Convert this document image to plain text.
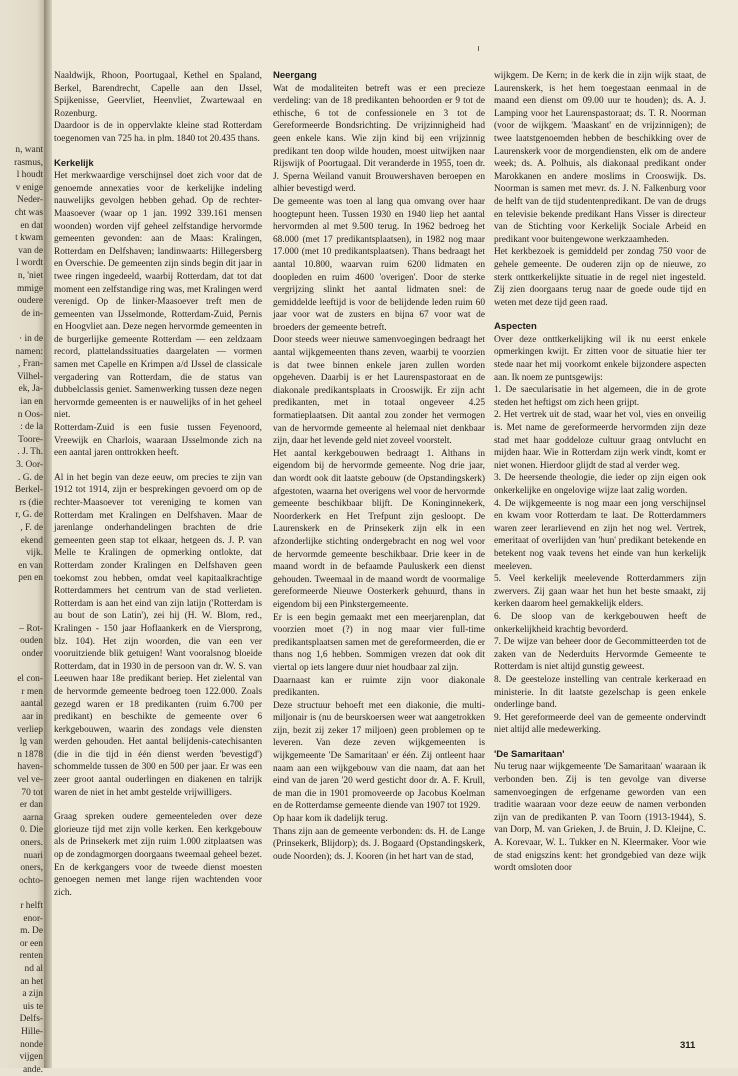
n, want
rasmus,
l houdt
v enige
Neder-
cht was
en dat
t kwam
van de
l wordt
n, 'niet
mmige
oudere
de in-
· in de
namen:
, Fran-
Vilhel-
ek, Ja-
ian en
n Oos-
: de la
Toore-
. J. Th.
3. Oor-
. G. de
Berkel-
rs (die
r, G. de
, F. de
ekend
vijk.
en van
pen en
– Rot-
ouden
onder
el con-
r men
aantal
aar in
verliep
lg van
n 1878
haven-
vel ve-
70 tot
er dan
aarna
0. Die
oners.
nuari
oners,
ochto-
r helft
enor-
m. De
or een
renten
nd al
an het
a zijn
uis te
Delfs-
Hille-
nonde
vijgen
ande.

Naaldwijk, Rhoon, Poortugaal, Kethel en Spaland, Berkel, Barendrecht, Capelle aan den IJssel, Spijkenisse, Geervliet, Heenvliet, Zwartewaal en Rozenburg.

Daardoor is de in oppervlakte kleine stad Rotterdam toegenomen van 725 ha. in plm. 1840 tot 20.435 thans.

Kerkelijk

Het merkwaardige verschijnsel doet zich voor dat de genoemde annexaties voor de kerkelijke indeling nauwelijks gevolgen hebben gehad. Op de rechter-Maasoever (waar op 1 jan. 1992 339.161 mensen woonden) worden vijf geheel zelfstandige hervormde gemeenten gevonden: aan de Maas: Kralingen, Rotterdam en Delfshaven; landinwaarts: Hillegersberg en Overschie. De gemeenten zijn sinds begin dit jaar in twee ringen ingedeeld, waarbij Rotterdam, dat tot dat moment een zelfstandige ring was, met Kralingen werd verenigd. Op de linker-Maasoever treft men de gemeenten van IJsselmonde, Rotterdam-Zuid, Pernis en Hoogvliet aan. Deze negen hervormde gemeenten in de burgerlijke gemeente Rotterdam — een zeldzaam record, plattelandssituaties daargelaten — vormen samen met Capelle en Krimpen a/d IJssel de classicale vergadering van Rotterdam, die de status van dubbelclassis geniet. Samenwerking tussen deze negen hervormde gemeenten is er nauwelijks of in het geheel niet.

Rotterdam-Zuid is een fusie tussen Feyenoord, Vreewijk en Charlois, waaraan IJsselmonde zich na een aantal jaren onttrokken heeft.

Al in het begin van deze eeuw, om precies te zijn van 1912 tot 1914, zijn er besprekingen gevoerd om op de rechter-Maasoever tot vereniging te komen van Rotterdam met Kralingen en Delfshaven. Maar de jarenlange onderhandelingen brachten de drie gemeenten geen stap tot elkaar, hetgeen ds. J. P. van Melle te Kralingen de opmerking ontlokte, dat Rotterdam zonder Kralingen en Delfshaven geen toekomst zou hebben, omdat veel kapitaalkrachtige Rotterdammers het centrum van de stad verlieten. Rotterdam is aan het eind van zijn latijn ('Rotterdam is au bout de son Latin'), zei hij (H. W. Blom, red., Kralingen - 150 jaar Hoflaankerk en de Viersprong, blz. 104). Het zijn woorden, die van een ver vooruitziende blik getuigen! Want vooralsnog bloeide Rotterdam, dat in 1930 in de persoon van dr. W. S. van Leeuwen haar 18e predikant beriep. Het zielental van de hervormde gemeente bedroeg toen 122.000. Zoals gezegd waren er 18 predikanten (ruim 6.700 per predikant) en beschikte de gemeente over 6 kerkgebouwen, waarin des zondags vele diensten werden gehouden. Het aantal belijdenis-catechisanten (die in die tijd in één dienst werden 'bevestigd') schommelde tussen de 300 en 500 per jaar. Er was een zeer groot aantal ouderlingen en diakenen en talrijk waren de niet in het ambt gestelde vrijwilligers.

Graag spreken oudere gemeenteleden over deze glorieuze tijd met zijn volle kerken. Een kerkgebouw als de Prinsekerk met zijn ruim 1.000 zitplaatsen was op de zondagmorgen doorgaans tweemaal geheel bezet. En de kerkgangers voor de tweede dienst moesten genoegen nemen met lange rijen wachtenden voor zich.

Neergang

Wat de modaliteiten betreft was er een precieze verdeling: van de 18 predikanten behoorden er 9 tot de ethische, 6 tot de confessionele en 3 tot de Gereformeerde Bondsrichting. De vrijzinnigheid had geen enkele kans. Wie zijn kind bij een vrijzinnig predikant ten doop wilde houden, moest uitwijken naar Rijswijk of Poortugaal. Dit veranderde in 1955, toen dr. J. Sperna Weiland vanuit Brouwershaven beroepen en alhier bevestigd werd.

De gemeente was toen al lang qua omvang over haar hoogtepunt heen. Tussen 1930 en 1940 liep het aantal hervormden al met 9.500 terug. In 1962 bedroeg het 68.000 (met 17 predikantsplaatsen), in 1982 nog maar 17.000 (met 10 predikantsplaatsen). Thans bedraagt het aantal 10.800, waarvan ruim 6200 lidmaten en doopleden en ruim 4600 'overigen'. Door de sterke vergrijzing slinkt het aantal lidmaten snel: de gemiddelde leeftijd is voor de belijdende leden ruim 60 jaar voor wat de zusters en bijna 67 voor wat de broeders der gemeente betreft.

Door steeds weer nieuwe samenvoegingen bedraagt het aantal wijkgemeenten thans zeven, waarbij te voorzien is dat twee binnen enkele jaren zullen worden opgeheven. Daarbij is er het Laurenspastoraat en de diakonale predikantsplaats in Crooswijk. Er zijn acht predikanten, met in totaal ongeveer 4.25 formatieplaatsen. Dit aantal zou zonder het vermogen van de hervormde gemeente al helemaal niet denkbaar zijn, daar het levende geld niet zoveel voorstelt.

Het aantal kerkgebouwen bedraagt 1. Althans in eigendom bij de hervormde gemeente. Nog drie jaar, dan wordt ook dit laatste gebouw (de Opstandingskerk) afgestoten, waarna het overigens wel voor de hervormde gemeente beschikbaar blijft. De Koninginnekerk, Noorderkerk en Het Trefpunt zijn gesloopt. De Laurenskerk en de Prinsekerk zijn elk in een afzonderlijke stichting ondergebracht en nog wel voor de hervormde gemeente beschikbaar. Drie keer in de maand wordt in de befaamde Pauluskerk een dienst gehouden. Tweemaal in de maand wordt de voormalige gereformeerde Nieuwe Oosterkerk gehuurd, thans in eigendom bij een Pinkstergemeente.

Er is een begin gemaakt met een meerjarenplan, dat voorzien moet (?) in nog maar vier full-time predikantsplaatsen samen met de gereformeerden, die er thans nog 1,6 hebben. Sommigen vrezen dat ook dit viertal op iets langere duur niet houdbaar zal zijn.

Daarnaast kan er ruimte zijn voor diakonale predikanten.

Deze structuur behoeft met een diakonie, die multi-miljonair is (nu de beurskoersen weer wat aangetrokken zijn, bezit zij zeker 17 miljoen) geen problemen op te leveren. Van deze zeven wijkgemeenten is wijkgemeente 'De Samaritaan' er één. Zij ontleent haar naam aan een wijkgebouw van die naam, dat aan het eind van de jaren '20 werd gesticht door dr. A. F. Krull, de man die in 1901 promoveerde op Jacobus Koelman en de Rotterdamse gemeente diende van 1907 tot 1929.

Op haar kom ik dadelijk terug.

Thans zijn aan de gemeente verbonden: ds. H. de Lange (Prinsekerk, Blijdorp); ds. J. Bogaard (Opstandingskerk, oude Noorden); ds. J. Kooren (in het hart van de stad,

wijkgem. De Kern; in de kerk die in zijn wijk staat, de Laurenskerk, is het hem toegestaan eenmaal in de maand een dienst om 09.00 uur te houden); ds. A. J. Lamping voor het Laurenspastoraat; ds. T. R. Noorman (voor de wijkgem. 'Maaskant' en de vrijzinnigen); de twee laatstgenoemden hebben de beschikking over de Laurenskerk voor de morgendiensten, elk om de andere week; ds. A. Polhuis, als diakonaal predikant onder Marokkanen en andere moslims in Crooswijk. Ds. Noorman is samen met mevr. ds. J. N. Falkenburg voor de helft van de tijd studentenpredikant. De van de drugs en televisie bekende predikant Hans Visser is directeur van de Stichting voor Kerkelijk Sociale Arbeid en predikant voor buitengewone werkzaamheden.

Het kerkbezoek is gemiddeld per zondag 750 voor de gehele gemeente. De ouderen zijn op de nieuwe, zo sterk onttkerkelijkte situatie in de regel niet ingesteld. Zij zien doorgaans terug naar de goede oude tijd en weten met deze tijd geen raad.

Aspecten

Over deze onttkerkelijking wil ik nu eerst enkele opmerkingen kwijt. Er zitten voor de situatie hier ter stede naar het mij voorkomt enkele bijzondere aspecten aan. Ik noem ze puntsgewijs:

1. De saecularisatie in het algemeen, die in de grote steden het heftigst om zich heen grijpt.

2. Het vertrek uit de stad, waar het vol, vies en onveilig is. Met name de gereformeerde hervormden zijn deze stad met haar goddeloze cultuur graag ontvlucht en mijden haar. Wie in Rotterdam zijn werk vindt, komt er niet wonen. Hierdoor glijdt de stad al verder weg.

3. De heersende theologie, die ieder op zijn eigen ook onkerkelijke en ongelovige wijze laat zalig worden.

4. De wijkgemeente is nog maar een jong verschijnsel en kwam voor Rotterdam te laat. De Rotterdammers waren zeer lerarlievend en zijn het nog wel. Vertrek, emeritaat of overlijden van 'hun' predikant betekende en betekent nog vaak tevens het einde van hun kerkelijk meeleven.

5. Veel kerkelijk meelevende Rotterdammers zijn zwervers. Zij gaan waar het hun het beste smaakt, zij kerken daarom heel gemakkelijk elders.

6. De sloop van de kerkgebouwen heeft de onkerkelijkheid krachtig bevorderd.

7. De wijze van beheer door de Gecommitteerden tot de zaken van de Nederduits Hervormde Gemeente te Rotterdam is niet altijd gunstig geweest.

8. De geesteloze instelling van centrale kerkeraad en ministerie. In dit laatste gezelschap is geen enkele onderlinge band.

9. Het gereformeerde deel van de gemeente ondervindt niet altijd alle medewerking.

'De Samaritaan'

Nu terug naar wijkgemeente 'De Samaritaan' waaraan ik verbonden ben. Zij is ten gevolge van diverse samenvoegingen de erfgename geworden van een traditie waaraan voor deze eeuw de namen verbonden zijn van de predikanten P. van Toorn (1913-1944), S. van Dorp, M. van Grieken, J. de Bruin, J. D. Kleijne, C. A. Korevaar, W. L. Tukker en N. Kleermaker. Voor wie de stad enigszins kent: het grondgebied van deze wijk wordt omsloten door

311
